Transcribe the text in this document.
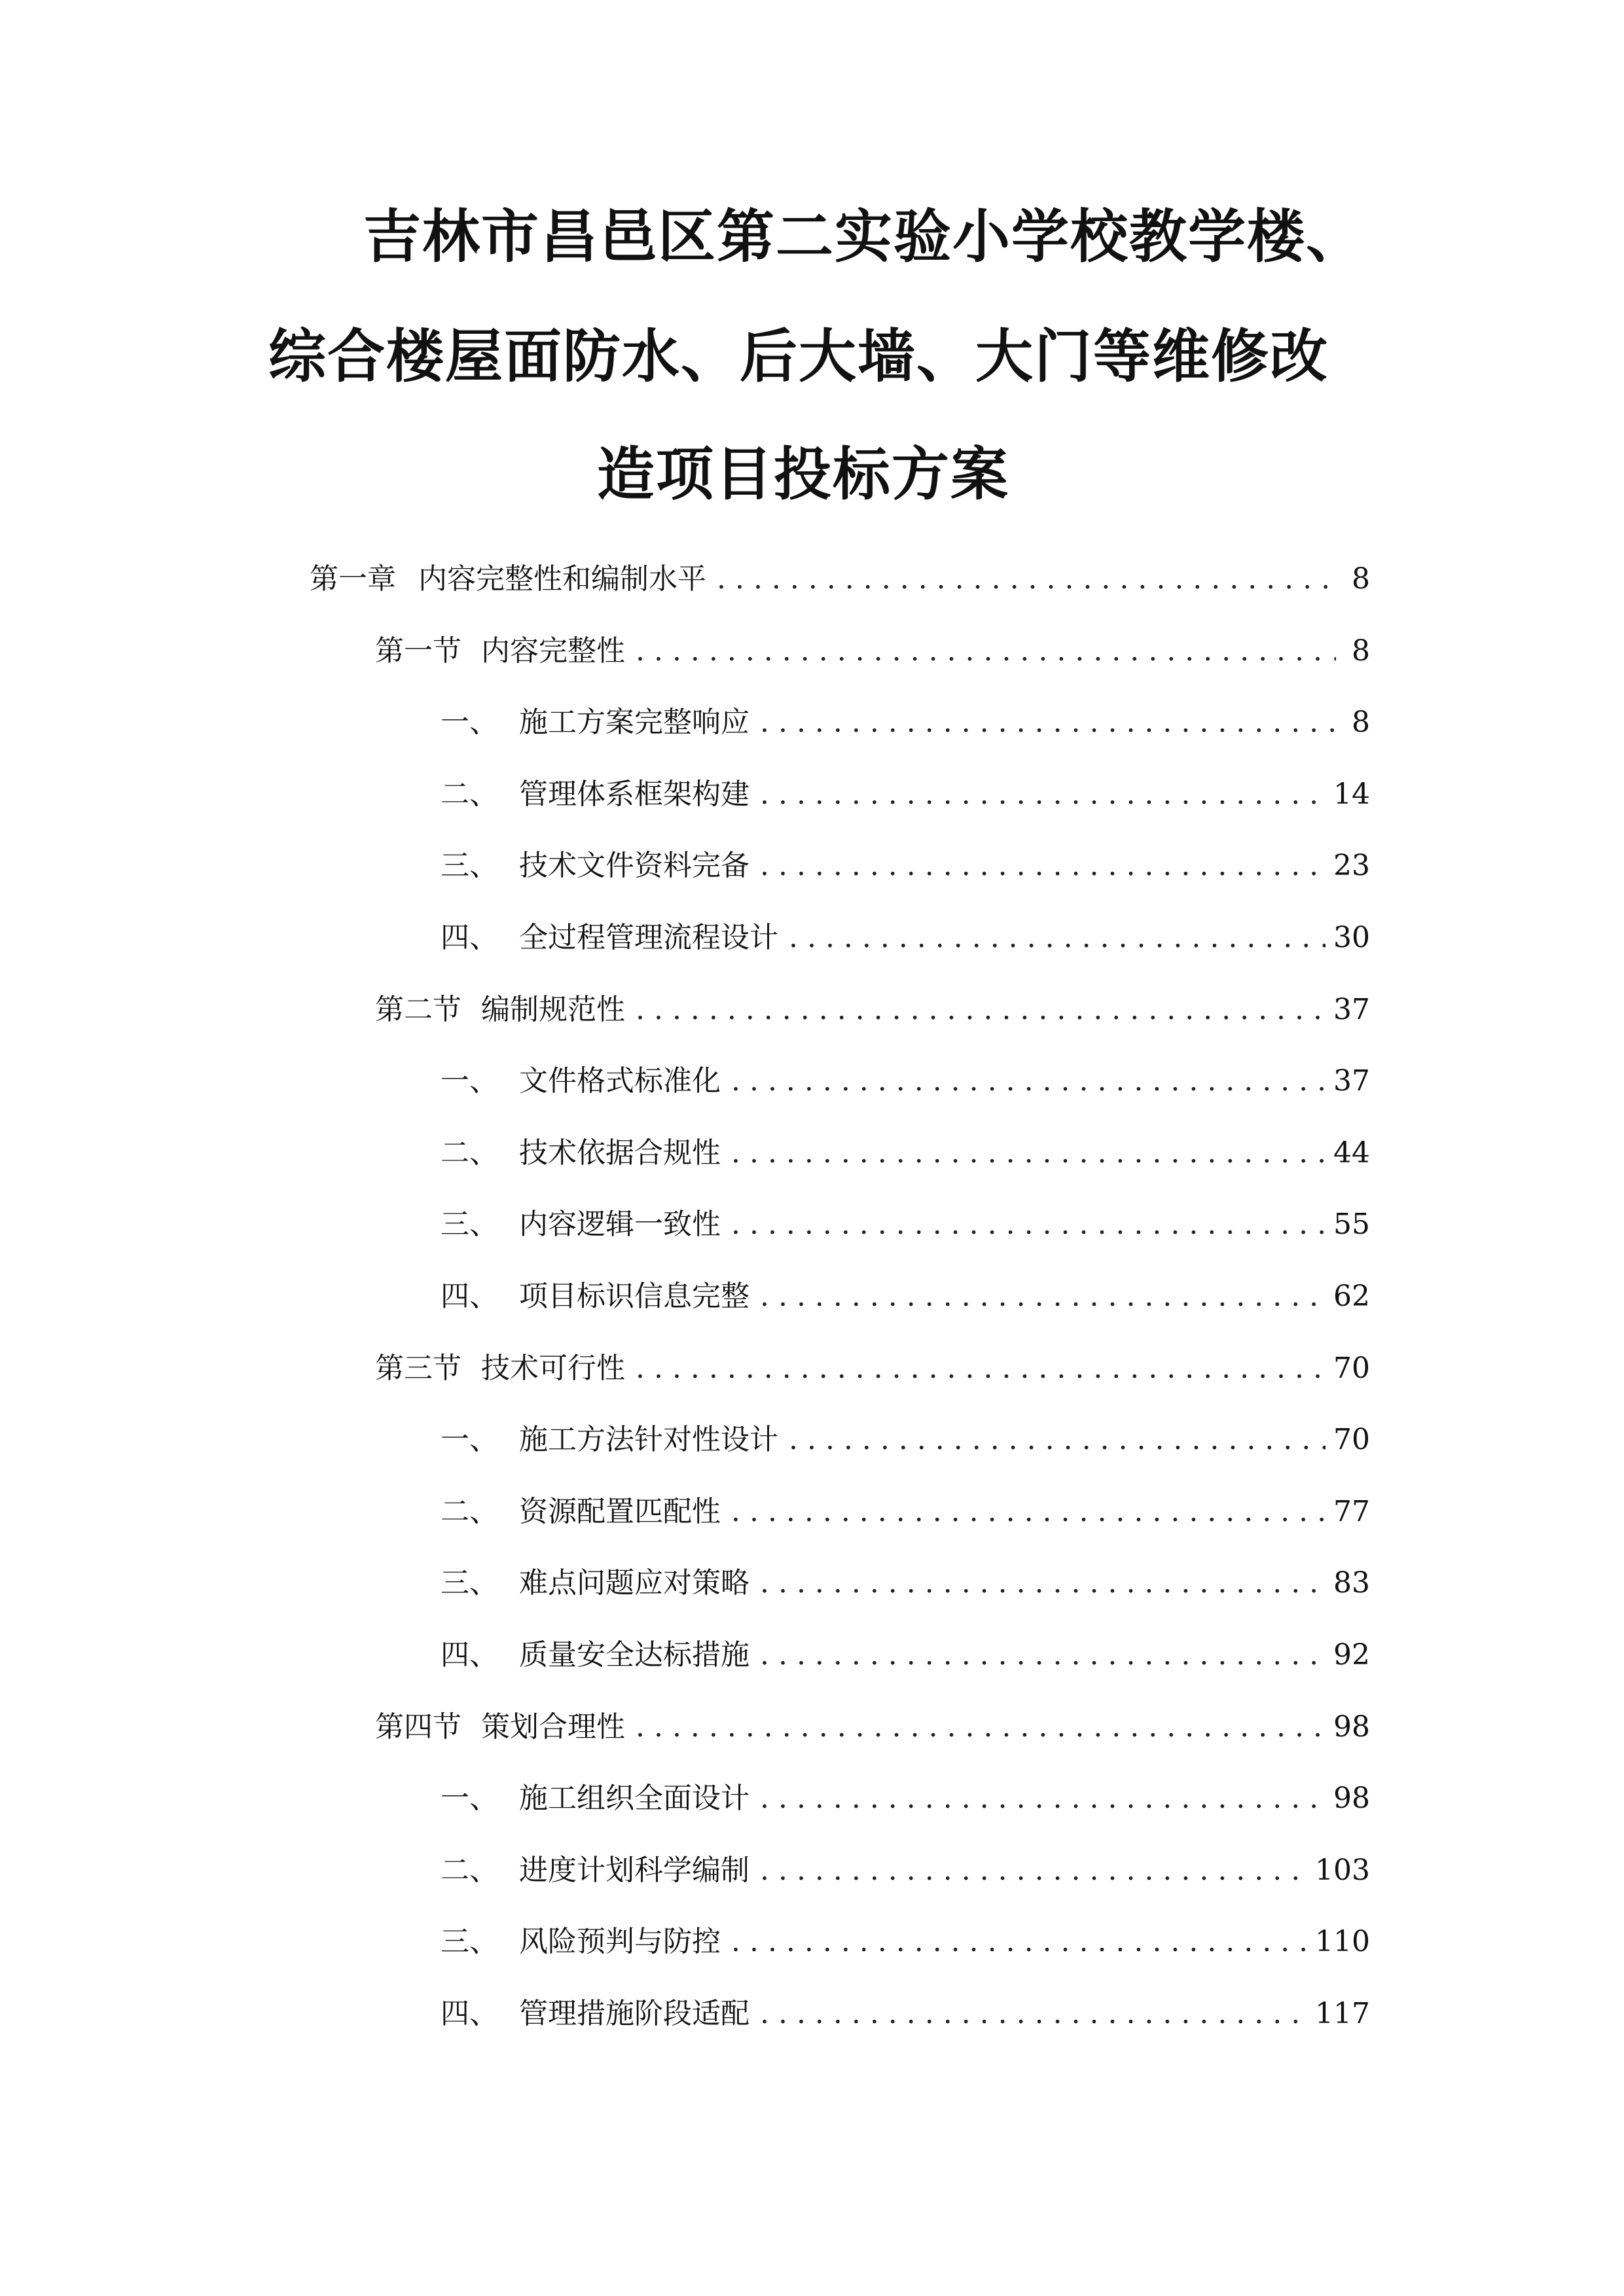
吉林市昌邑区第二实验小学校教学楼、
综合楼屋面防水、后大墙、大门等维修改
造项目投标方案
第一章 内容完整性和编制水平 . . .	8
第一节 内容完整性 . . .	8
一、 施工方案完整响应 . . .	8
二、 管理体系框架构建 . . .	14
三、 技术文件资料完备 . . .	23
四、 全过程管理流程设计 . . .	30
第二节 编制规范性 . . .	37
一、 文件格式标准化 . . .	37
二、 技术依据合规性 . . .	44
三、 内容逻辑一致性 . . .	55
四、 项目标识信息完整 . . .	62
第三节 技术可行性 . . .	70
一、 施工方法针对性设计 . . .	70
二、 资源配置匹配性 . . .	77
三、 难点问题应对策略 . . .	83
四、 质量安全达标措施 . . .	92
第四节 策划合理性 . . .	98
一、 施工组织全面设计 . . .	98
二、 进度计划科学编制 . . .	103
三、 风险预判与防控 . . .	110
四、 管理措施阶段适配 . . .	117
